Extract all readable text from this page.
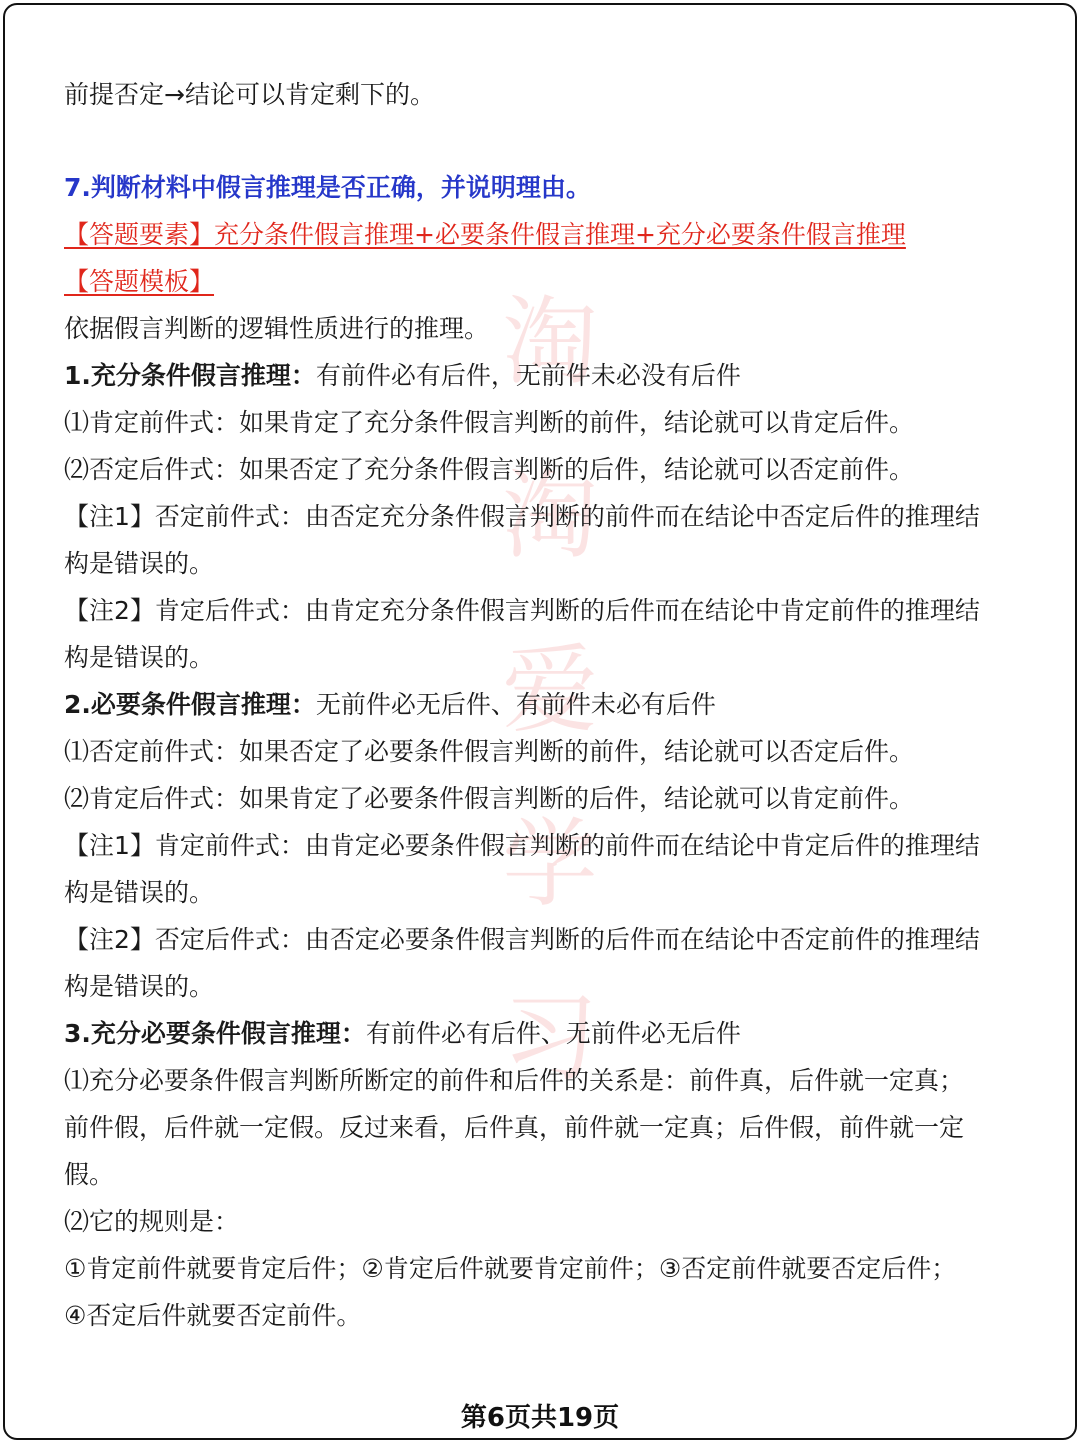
淘
淘
爱
学
习
前提否定→结论可以肯定剩下的。
7.判断材料中假言推理是否正确，并说明理由。
【答题要素】充分条件假言推理+必要条件假言推理+充分必要条件假言推理
【答题模板】
依据假言判断的逻辑性质进行的推理。
1.充分条件假言推理：有前件必有后件，无前件未必没有后件
⑴肯定前件式：如果肯定了充分条件假言判断的前件，结论就可以肯定后件。
⑵否定后件式：如果否定了充分条件假言判断的后件，结论就可以否定前件。
【注1】否定前件式：由否定充分条件假言判断的前件而在结论中否定后件的推理结
构是错误的。
【注2】肯定后件式：由肯定充分条件假言判断的后件而在结论中肯定前件的推理结
构是错误的。
2.必要条件假言推理：无前件必无后件、有前件未必有后件
⑴否定前件式：如果否定了必要条件假言判断的前件，结论就可以否定后件。
⑵肯定后件式：如果肯定了必要条件假言判断的后件，结论就可以肯定前件。
【注1】肯定前件式：由肯定必要条件假言判断的前件而在结论中肯定后件的推理结
构是错误的。
【注2】否定后件式：由否定必要条件假言判断的后件而在结论中否定前件的推理结
构是错误的。
3.充分必要条件假言推理：有前件必有后件、无前件必无后件
⑴充分必要条件假言判断所断定的前件和后件的关系是：前件真，后件就一定真；
前件假，后件就一定假。反过来看，后件真，前件就一定真；后件假，前件就一定
假。
⑵它的规则是：
①肯定前件就要肯定后件；②肯定后件就要肯定前件；③否定前件就要否定后件；
④否定后件就要否定前件。
第6页共19页
